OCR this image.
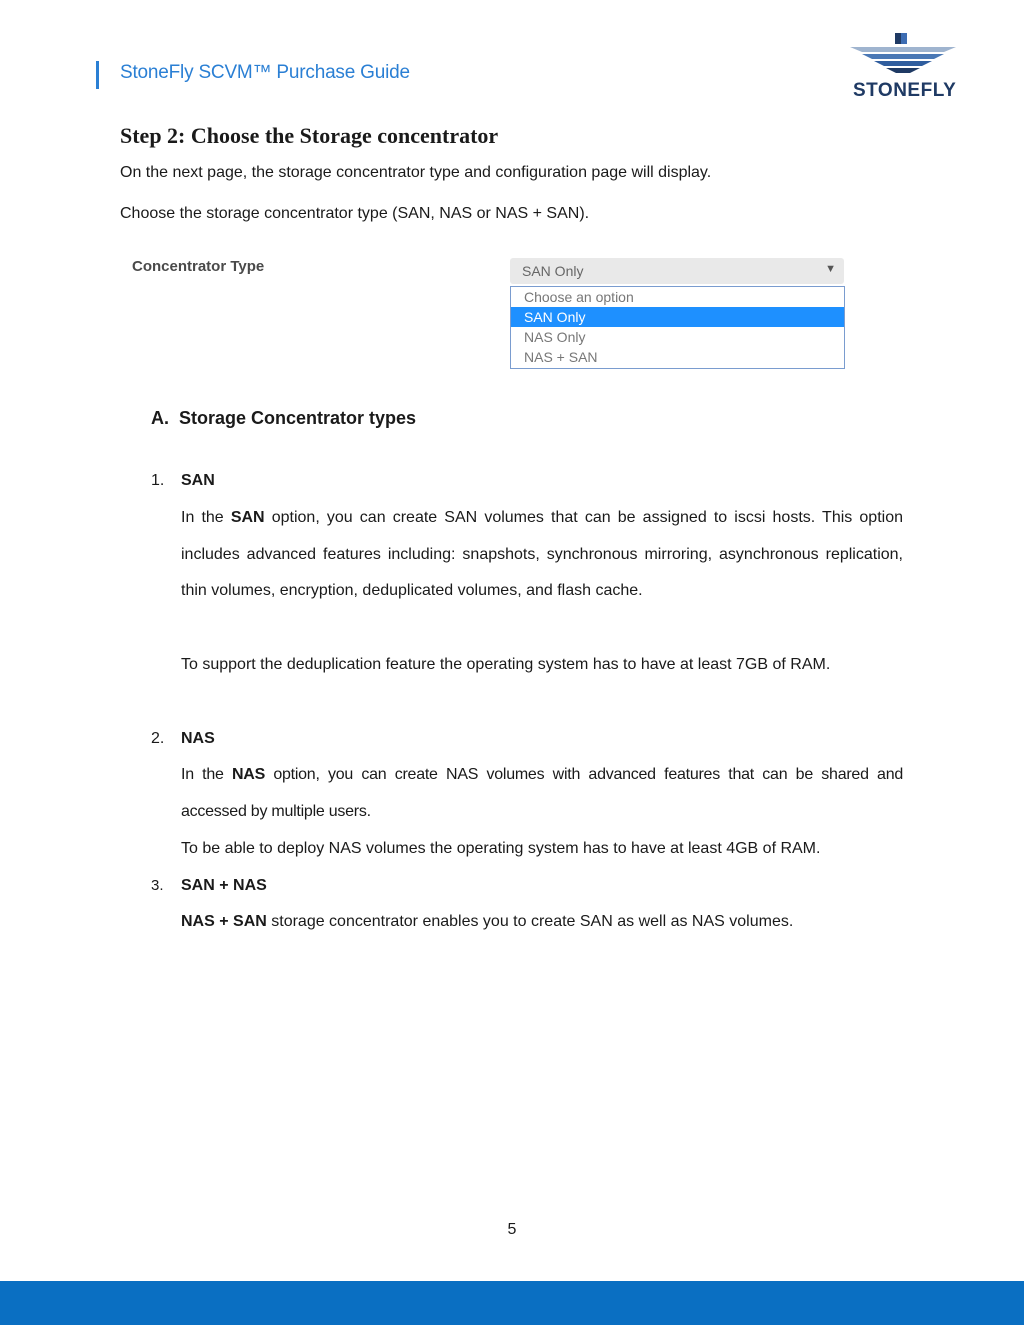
StoneFly SCVM™ Purchase Guide
STONEFLY
Step 2: Choose the Storage concentrator

On the next page, the storage concentrator type and configuration page will display.

Choose the storage concentrator type (SAN, NAS or NAS + SAN).

Concentrator Type	SAN Only	▼
Choose an option
SAN Only
NAS Only
NAS + SAN
A. Storage Concentrator types
1. SAN

In the SAN option, you can create SAN volumes that can be assigned to iscsi hosts. This option includes advanced features including: snapshots, synchronous mirroring, asynchronous replication, thin volumes, encryption, deduplicated volumes, and flash cache.

To support the deduplication feature the operating system has to have at least 7GB of RAM.

2. NAS

In the NAS option, you can create NAS volumes with advanced features that can be shared and accessed by multiple users.

To be able to deploy NAS volumes the operating system has to have at least 4GB of RAM.

3. SAN + NAS

NAS + SAN storage concentrator enables you to create SAN as well as NAS volumes.

5
